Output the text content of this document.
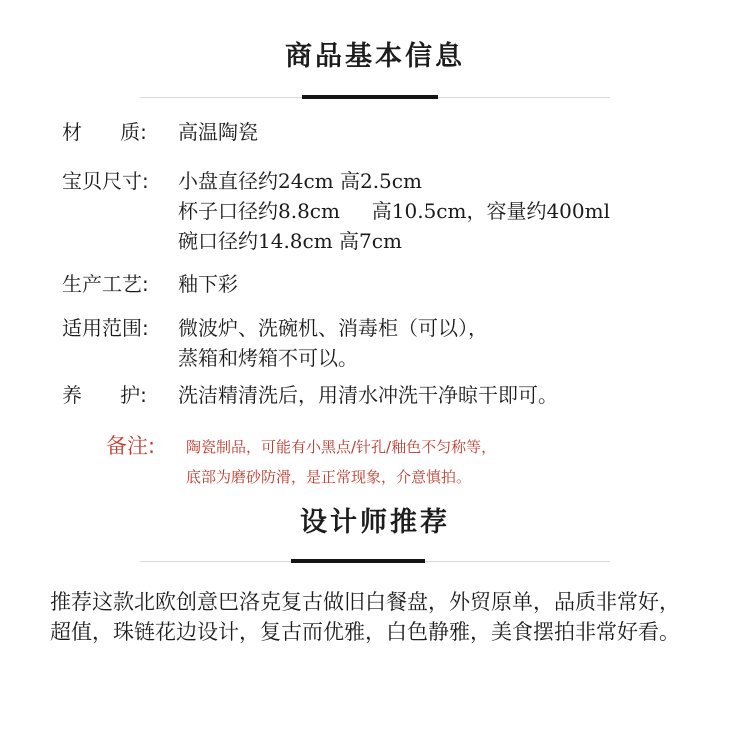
商品基本信息
材      质: 高温陶瓷
宝贝尺寸: 小盘直径约24cm 高2.5cm
杯子口径约8.8cm     高10.5cm，容量约400ml
碗口径约14.8cm 高7cm
生产工艺: 釉下彩
适用范围: 微波炉、洗碗机、消毒柜（可以），
蒸箱和烤箱不可以。
养      护: 洗洁精清洗后，用清水冲洗干净晾干即可。
备注: 陶瓷制品，可能有小黑点/针孔/釉色不匀称等，
底部为磨砂防滑，是正常现象，介意慎拍。
设计师推荐
推荐这款北欧创意巴洛克复古做旧白餐盘，外贸原单，品质非常好，超值，珠链花边设计，复古而优雅，白色静雅，美食摆拍非常好看。
